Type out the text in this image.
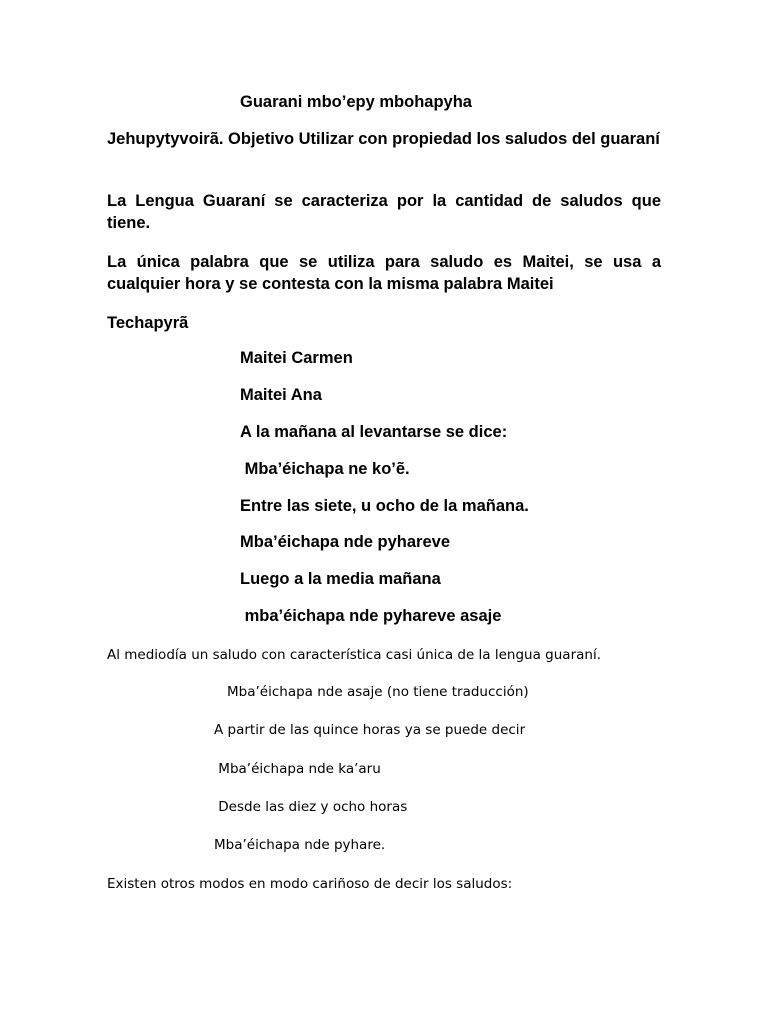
Guarani mbo’epy mbohapyha
Jehupytyvoirã. Objetivo Utilizar con propiedad los saludos del guaraní
La Lengua Guaraní se caracteriza por la cantidad de saludos que tiene.
La única palabra que se utiliza para saludo es Maitei, se usa a cualquier hora y se contesta con la misma palabra Maitei
Techapyrã
Maitei Carmen
Maitei Ana
A la mañana al levantarse se dice:
Mba’éichapa ne ko’ẽ.
Entre las siete, u ocho de la mañana.
Mba’éichapa nde pyhareve
Luego a la media mañana
mba’éichapa nde pyhareve asaje
Al mediodía un saludo con característica casi única de la lengua guaraní.
Mba’éichapa nde asaje (no tiene traducción)
A partir de las quince horas ya se puede decir
Mba’éichapa nde ka’aru
Desde las diez y ocho horas
Mba’éichapa nde pyhare.
Existen otros modos en modo cariñoso de decir los saludos:
